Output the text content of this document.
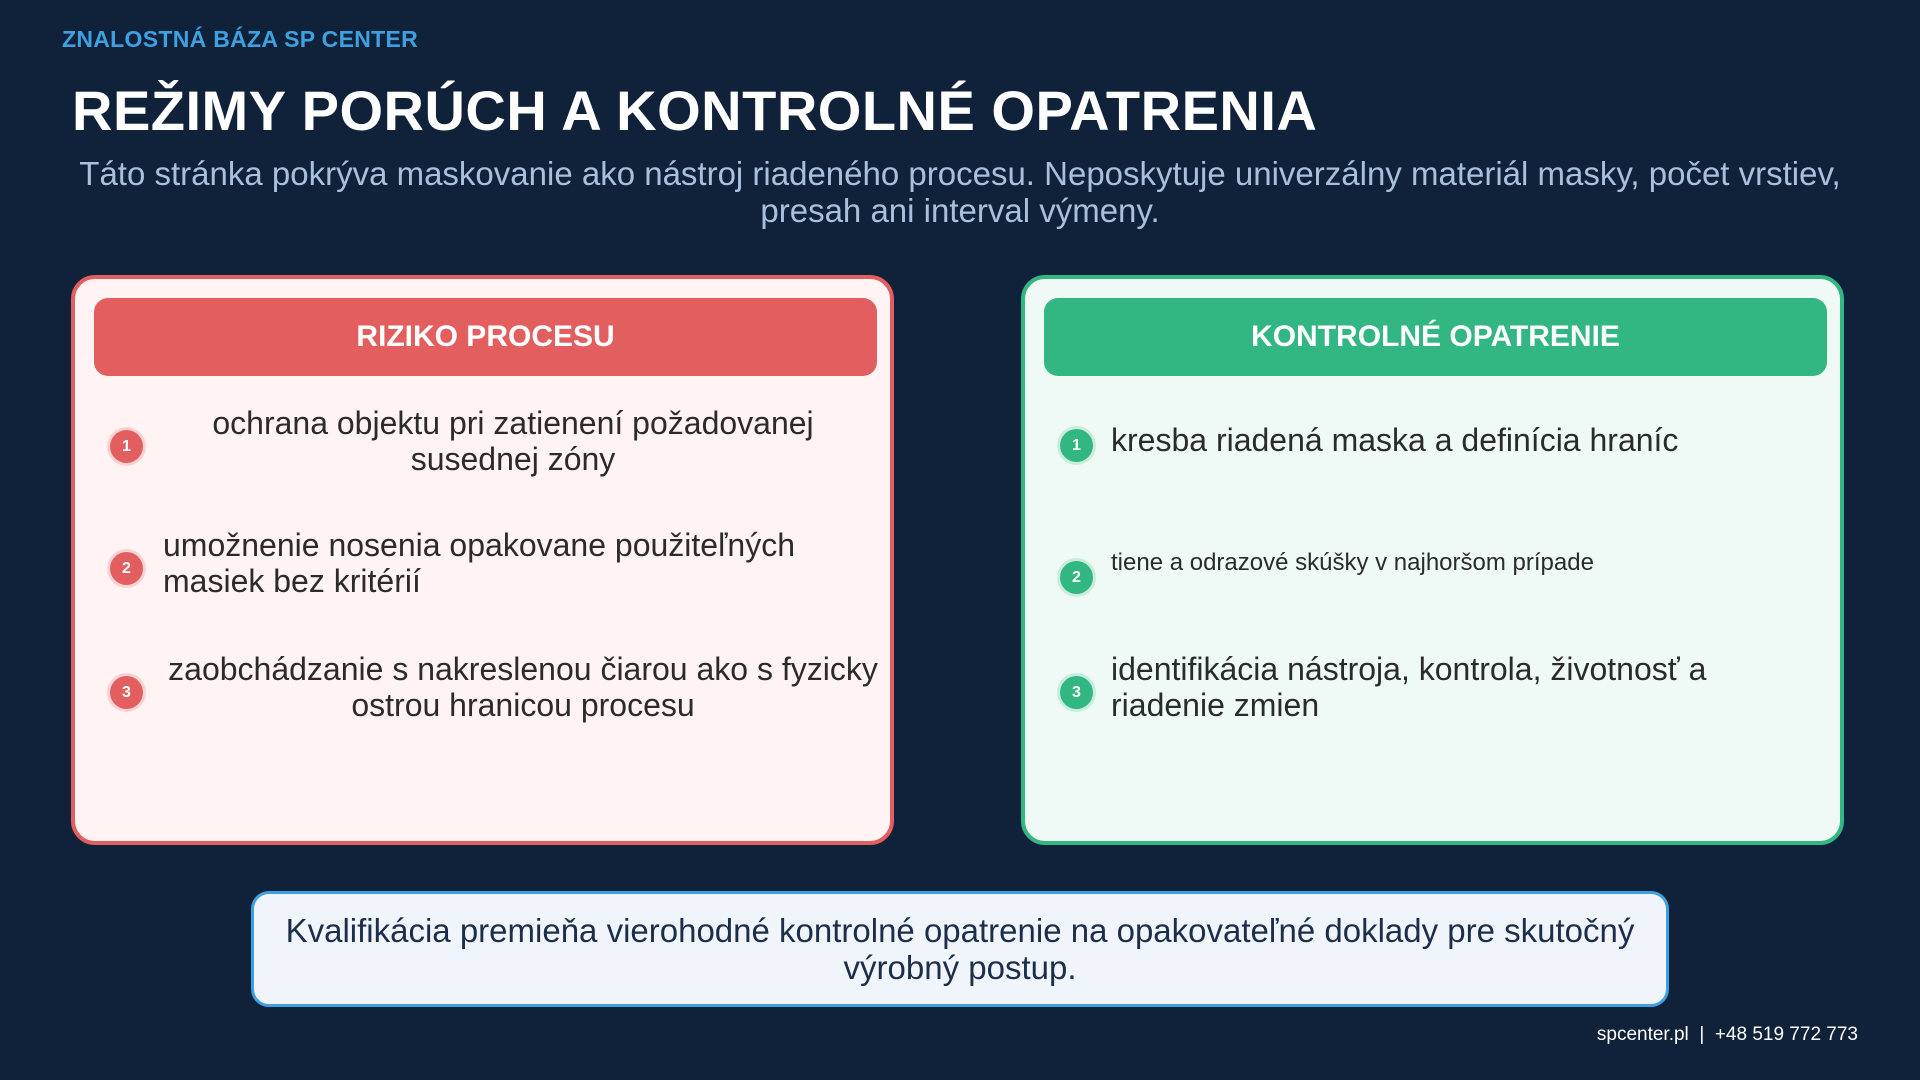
ZNALOSTNÁ BÁZA SP CENTER
REŽIMY PORÚCH A KONTROLNÉ OPATRENIA
Táto stránka pokrýva maskovanie ako nástroj riadeného procesu. Neposkytuje univerzálny materiál masky, počet vrstiev, presah ani interval výmeny.
RIZIKO PROCESU
1
ochrana objektu pri zatienení požadovanej susednej zóny
2
umožnenie nosenia opakovane použiteľných masiek bez kritérií
3
zaobchádzanie s nakreslenou čiarou ako s fyzicky ostrou hranicou procesu
KONTROLNÉ OPATRENIE
1 kresba riadená maska a definícia hraníc
2
tiene a odrazové skúšky v najhoršom prípade
3
identifikácia nástroja, kontrola, životnosť a riadenie zmien
Kvalifikácia premieňa vierohodné kontrolné opatrenie na opakovateľné doklady pre skutočný výrobný postup.
spcenter.pl  |  +48 519 772 773
